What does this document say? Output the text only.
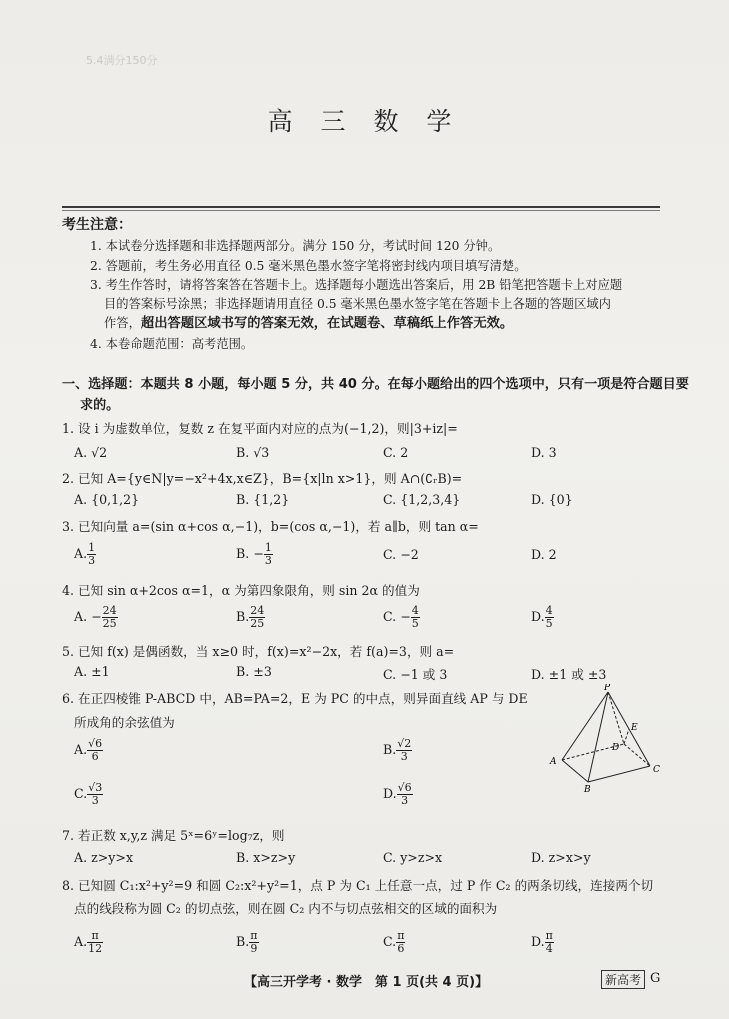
5.4满分150分
高 三 数 学
考生注意：
1. 本试卷分选择题和非选择题两部分。满分 150 分，考试时间 120 分钟。
2. 答题前，考生务必用直径 0.5 毫米黑色墨水签字笔将密封线内项目填写清楚。
3. 考生作答时，请将答案答在答题卡上。选择题每小题选出答案后，用 2B 铅笔把答题卡上对应题
目的答案标号涂黑；非选择题请用直径 0.5 毫米黑色墨水签字笔在答题卡上各题的答题区域内
作答，超出答题区域书写的答案无效，在试题卷、草稿纸上作答无效。
4. 本卷命题范围：高考范围。
一、选择题：本题共 8 小题，每小题 5 分，共 40 分。在每小题给出的四个选项中，只有一项是符合题目要
求的。
1. 设 i 为虚数单位，复数 z 在复平面内对应的点为(−1,2)，则|3+iz|=
A. √2	B. √3	C. 2	D. 3
2. 已知 A={y∈N|y=−x²+4x,x∈Z}，B={x|ln x>1}，则 A∩(∁ᵣB)=
A. {0,1,2}	B. {1,2}	C. {1,2,3,4}	D. {0}
3. 已知向量 a=(sin α+cos α,−1)，b=(cos α,−1)，若 a∥b，则 tan α=
A. $\frac{1}{3}$	B. − $\frac{1}{3}$	C. −2	D. 2
4. 已知 sin α+2cos α=1，α 为第四象限角，则 sin 2α 的值为
A. − $\frac{24}{25}$	B. $\frac{24}{25}$	C. − $\frac{4}{5}$	D. $\frac{4}{5}$
5. 已知 f(x) 是偶函数，当 x≥0 时，f(x)=x²−2x，若 f(a)=3，则 a=
A. ±1	B. ±3	C. −1 或 3	D. ±1 或 ±3
6. 在正四棱锥 P-ABCD 中，AB=PA=2，E 为 PC 的中点，则异面直线 AP 与 DE
所成角的余弦值为
A. $\frac{√6}{6}$	B. $\frac{√2}{3}$
C. $\frac{√3}{3}$	D. $\frac{√6}{3}$
P
A
B
C
D
E
7. 若正数 x,y,z 满足 5ˣ=6ʸ=log₇z，则
A. z>y>x	B. x>z>y	C. y>z>x	D. z>x>y
8. 已知圆 C₁:x²+y²=9 和圆 C₂:x²+y²=1，点 P 为 C₁ 上任意一点，过 P 作 C₂ 的两条切线，连接两个切
点的线段称为圆 C₂ 的切点弦，则在圆 C₂ 内不与切点弦相交的区域的面积为
A. $\frac{\pi}{12}$	B. $\frac{\pi}{9}$	C. $\frac{\pi}{6}$	D. $\frac{\pi}{4}$
【高三开学考 · 数学　第 1 页(共 4 页)】	新高考 G
